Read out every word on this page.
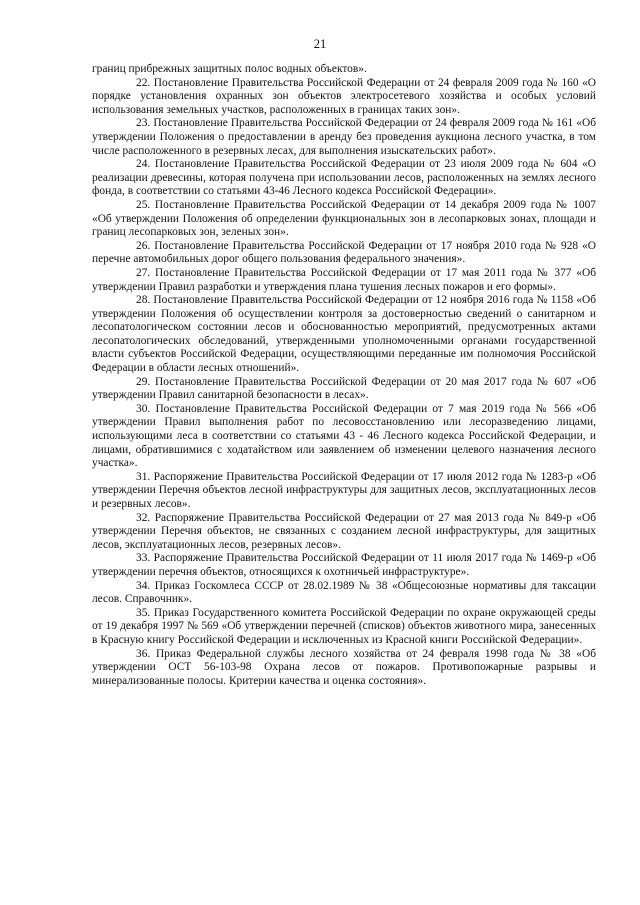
21

границ прибрежных защитных полос водных объектов».

22. Постановление Правительства Российской Федерации от 24 февраля 2009 года № 160 «О порядке установления охранных зон объектов электросетевого хозяйства и особых условий использования земельных участков, расположенных в границах таких зон».

23. Постановление Правительства Российской Федерации от 24 февраля 2009 года № 161 «Об утверждении Положения о предоставлении в аренду без проведения аукциона лесного участка, в том числе расположенного в резервных лесах, для выполнения изыскательских работ».

24. Постановление Правительства Российской Федерации от 23 июля 2009 года № 604 «О реализации древесины, которая получена при использовании лесов, расположенных на землях лесного фонда, в соответствии со статьями 43-46 Лесного кодекса Российской Федерации».

25. Постановление Правительства Российской Федерации от 14 декабря 2009 года № 1007 «Об утверждении Положения об определении функциональных зон в лесопарковых зонах, площади и границ лесопарковых зон, зеленых зон».

26. Постановление Правительства Российской Федерации от 17 ноября 2010 года № 928 «О перечне автомобильных дорог общего пользования федерального значения».

27. Постановление Правительства Российской Федерации от 17 мая 2011 года № 377 «Об утверждении Правил разработки и утверждения плана тушения лесных пожаров и его формы».

28. Постановление Правительства Российской Федерации от 12 ноября 2016 года № 1158 «Об утверждении Положения об осуществлении контроля за достоверностью сведений о санитарном и лесопатологическом состоянии лесов и обоснованностью мероприятий, предусмотренных актами лесопатологических обследований, утвержденными уполномоченными органами государственной власти субъектов Российской Федерации, осуществляющими переданные им полномочия Российской Федерации в области лесных отношений».

29. Постановление Правительства Российской Федерации от 20 мая 2017 года № 607 «Об утверждении Правил санитарной безопасности в лесах».

30. Постановление Правительства Российской Федерации от 7 мая 2019 года № 566 «Об утверждении Правил выполнения работ по лесовосстановлению или лесоразведению лицами, использующими леса в соответствии со статьями 43 - 46 Лесного кодекса Российской Федерации, и лицами, обратившимися с ходатайством или заявлением об изменении целевого назначения лесного участка».

31. Распоряжение Правительства Российской Федерации от 17 июля 2012 года № 1283-р «Об утверждении Перечня объектов лесной инфраструктуры для защитных лесов, эксплуатационных лесов и резервных лесов».

32. Распоряжение Правительства Российской Федерации от 27 мая 2013 года № 849-р «Об утверждении Перечня объектов, не связанных с созданием лесной инфраструктуры, для защитных лесов, эксплуатационных лесов, резервных лесов».

33. Распоряжение Правительства Российской Федерации от 11 июля 2017 года № 1469-р «Об утверждении перечня объектов, относящихся к охотничьей инфраструктуре».

34. Приказ Госкомлеса СССР от 28.02.1989 № 38 «Общесоюзные нормативы для таксации лесов. Справочник».

35. Приказ Государственного комитета Российской Федерации по охране окружающей среды от 19 декабря 1997 № 569 «Об утверждении перечней (списков) объектов животного мира, занесенных в Красную книгу Российской Федерации и исключенных из Красной книги Российской Федерации».

36. Приказ Федеральной службы лесного хозяйства от 24 февраля 1998 года № 38 «Об утверждении ОСТ 56-103-98 Охрана лесов от пожаров. Противопожарные разрывы и минерализованные полосы. Критерии качества и оценка состояния».
